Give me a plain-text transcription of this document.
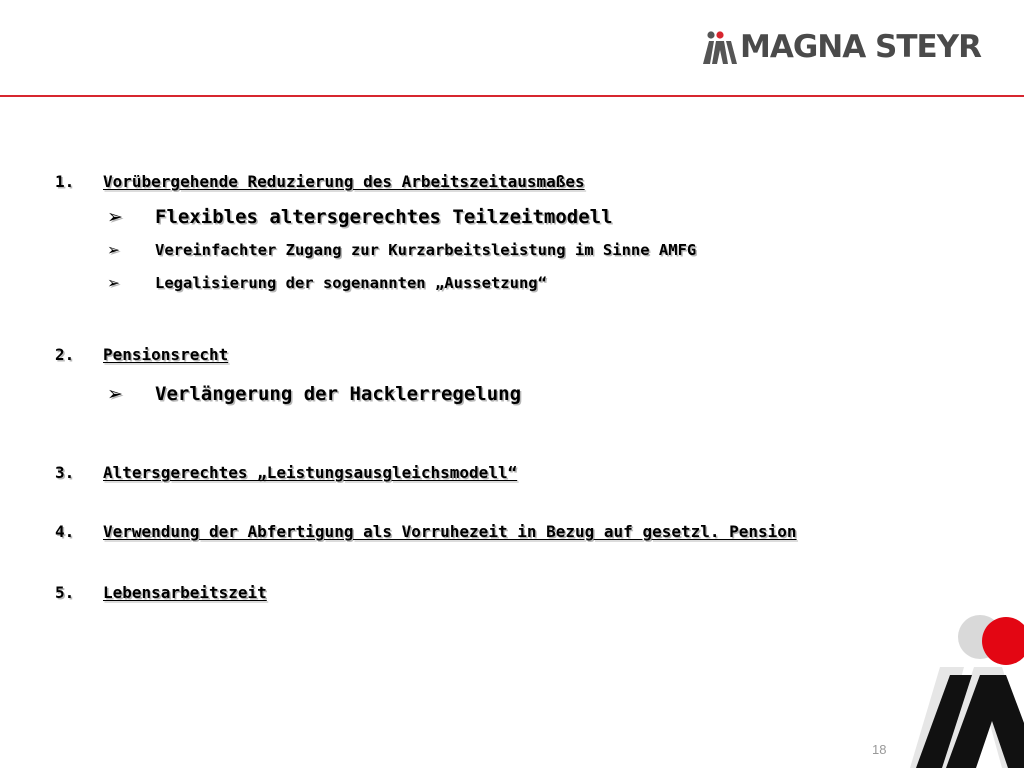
MAGNA STEYR
1. Vorübergehende Reduzierung des Arbeitszeitausmaßes
➢ Flexibles altersgerechtes Teilzeitmodell
➢ Vereinfachter Zugang zur Kurzarbeitsleistung im Sinne AMFG
➢ Legalisierung der sogenannten „Aussetzung“
2. Pensionsrecht
➢ Verlängerung der Hacklerregelung
3. Altersgerechtes „Leistungsausgleichsmodell“
4. Verwendung der Abfertigung als Vorruhezeit in Bezug auf gesetzl. Pension
5. Lebensarbeitszeit
18
